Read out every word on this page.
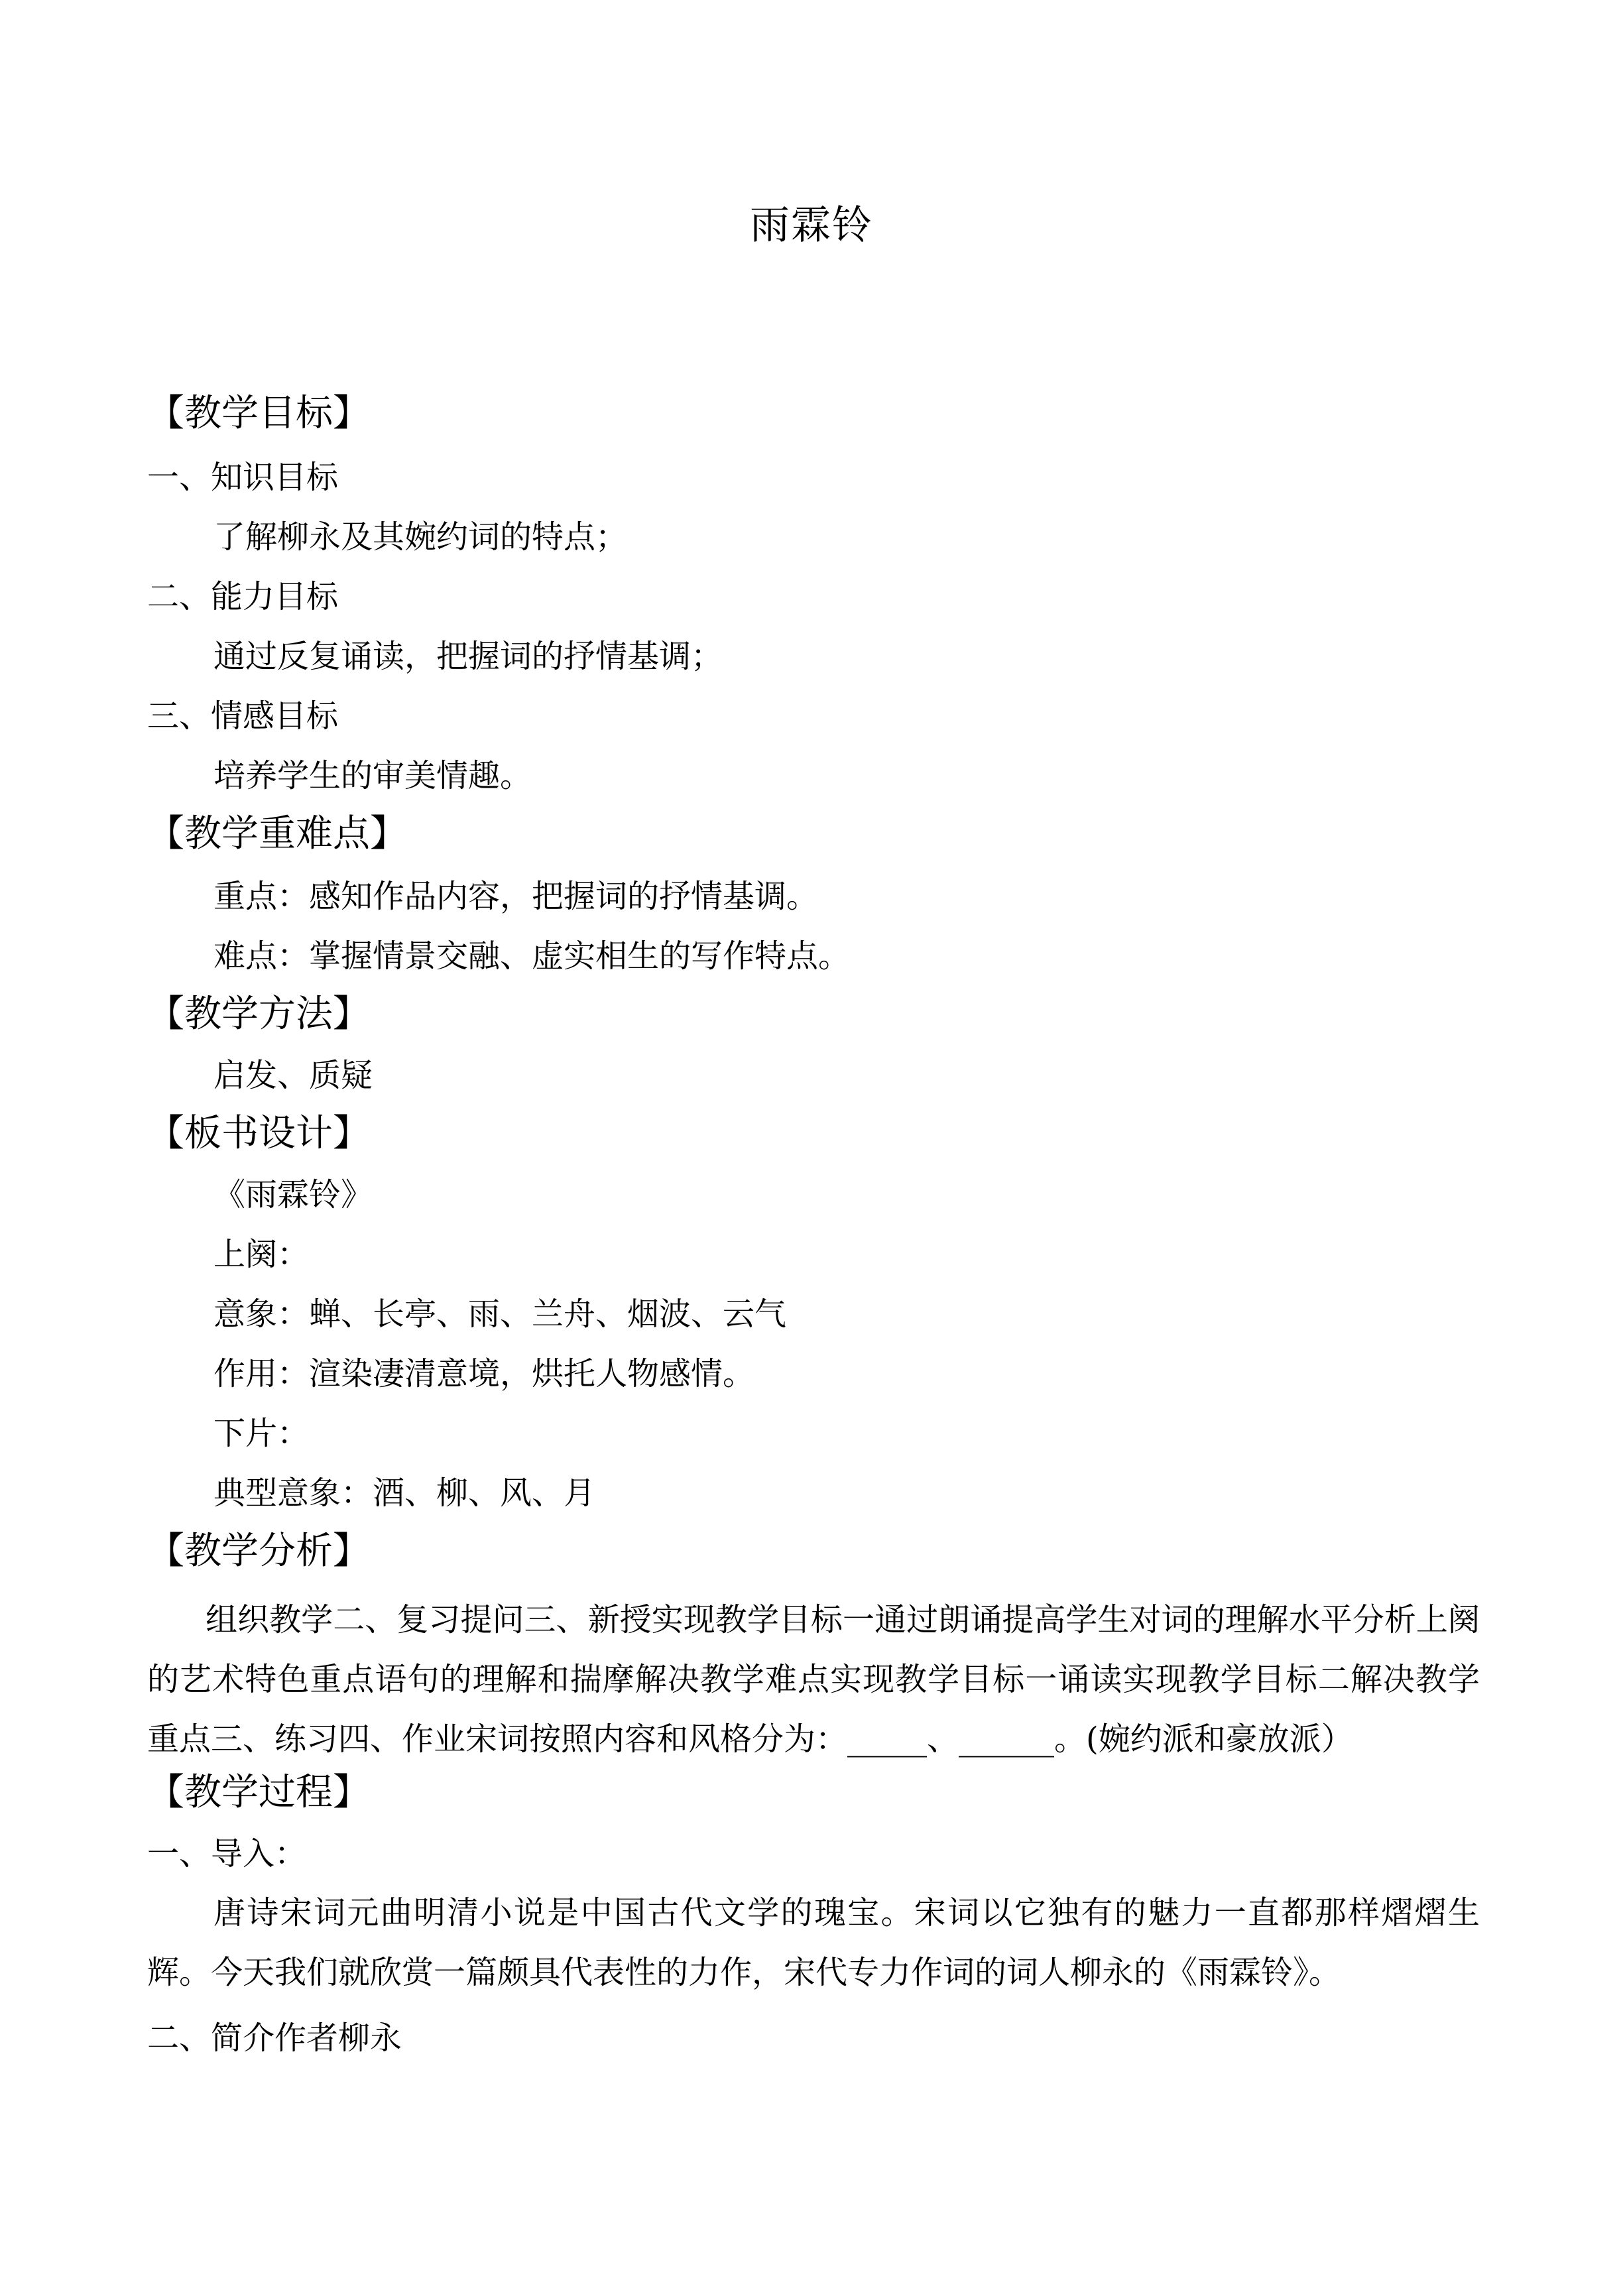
雨霖铃
【教学目标】
一、知识目标
了解柳永及其婉约词的特点；
二、能力目标
通过反复诵读，把握词的抒情基调；
三、情感目标
培养学生的审美情趣。
【教学重难点】
重点：感知作品内容，把握词的抒情基调。
难点：掌握情景交融、虚实相生的写作特点。
【教学方法】
启发、质疑
【板书设计】
《雨霖铃》
上阕：
意象：蝉、长亭、雨、兰舟、烟波、云气
作用：渲染凄清意境，烘托人物感情。
下片：
典型意象：酒、柳、风、月
【教学分析】
组织教学二、复习提问三、新授实现教学目标一通过朗诵提高学生对词的理解水平分析上阕的艺术特色重点语句的理解和揣摩解决教学难点实现教学目标一诵读实现教学目标二解决教学重点三、练习四、作业宋词按照内容和风格分为：_____、______。(婉约派和豪放派）
【教学过程】
一、导入：
唐诗宋词元曲明清小说是中国古代文学的瑰宝。宋词以它独有的魅力一直都那样熠熠生辉。今天我们就欣赏一篇颇具代表性的力作，宋代专力作词的词人柳永的《雨霖铃》。
二、简介作者柳永
